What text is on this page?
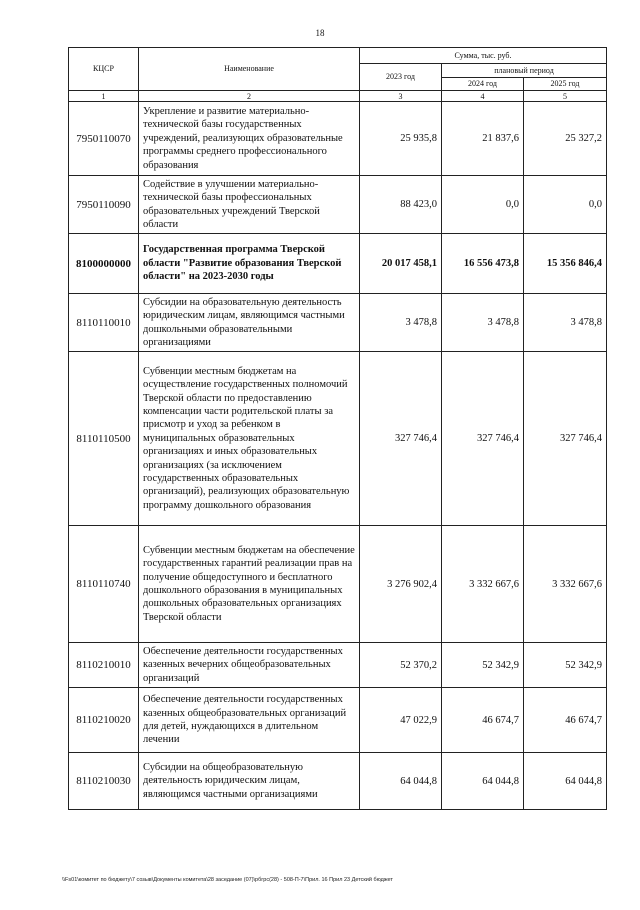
18
КЦСР	Наименование	Сумма, тыс. руб.		
		2023 год	плановый период	
			2024 год	2025 год
1	2	3	4	5
7950110070	Укрепление и развитие материально-технической базы государственных учреждений, реализующих образовательные программы среднего профессионального образования	25 935,8	21 837,6	25 327,2
7950110090	Содействие в улучшении материально-технической базы профессиональных образовательных учреждений Тверской области	88 423,0	0,0	0,0
8100000000	Государственная программа Тверской области "Развитие образования Тверской области" на 2023-2030 годы	20 017 458,1	16 556 473,8	15 356 846,4
8110110010	Субсидии на образовательную деятельность юридическим лицам, являющимся частными дошкольными образовательными организациями	3 478,8	3 478,8	3 478,8
8110110500	Субвенции местным бюджетам на осуществление государственных полномочий Тверской области по предоставлению компенсации части родительской платы за присмотр и уход за ребенком в муниципальных образовательных организациях и иных образовательных организациях (за исключением государственных образовательных организаций), реализующих образовательную программу дошкольного образования	327 746,4	327 746,4	327 746,4
8110110740	Субвенции местным бюджетам на обеспечение государственных гарантий реализации прав на получение общедоступного и бесплатного дошкольного образования в муниципальных дошкольных образовательных организациях Тверской области	3 276 902,4	3 332 667,6	3 332 667,6
8110210010	Обеспечение деятельности государственных казенных вечерних общеобразовательных организаций	52 370,2	52 342,9	52 342,9
8110210020	Обеспечение деятельности государственных казенных общеобразовательных организаций для детей, нуждающихся в длительном лечении	47 022,9	46 674,7	46 674,7
8110210030	Субсидии на общеобразовательную деятельность юридическим лицам, являющимся частными организациями	64 044,8	64 044,8	64 044,8
\\Fs01\комитет по бюджету\7 созыв\Документы комитета\28 заседание (07)\рбгрс(28) - 508-П-7\Прил. 16 Прил 23 Детский бюджет
